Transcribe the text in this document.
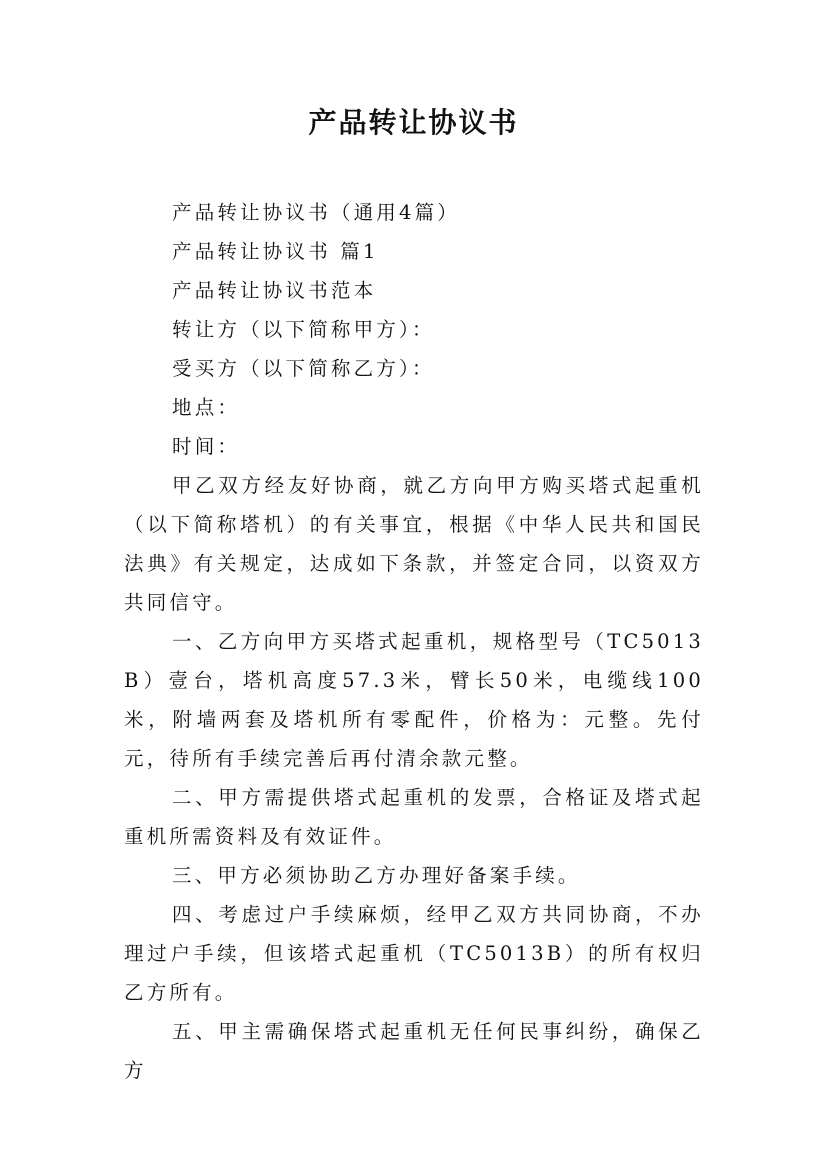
产品转让协议书

产品转让协议书（通用4篇）

产品转让协议书 篇1

产品转让协议书范本

转让方（以下简称甲方）：

受买方（以下简称乙方）：

地点：

时间：

甲乙双方经友好协商，就乙方向甲方购买塔式起重机（以下简称塔机）的有关事宜，根据《中华人民共和国民法典》有关规定，达成如下条款，并签定合同，以资双方共同信守。

一、乙方向甲方买塔式起重机，规格型号（TC5013B）壹台，塔机高度57.3米，臂长50米，电缆线100米，附墙两套及塔机所有零配件，价格为：元整。先付元，待所有手续完善后再付清余款元整。

二、甲方需提供塔式起重机的发票，合格证及塔式起重机所需资料及有效证件。

三、甲方必须协助乙方办理好备案手续。

四、考虑过户手续麻烦，经甲乙双方共同协商，不办理过户手续，但该塔式起重机（TC5013B）的所有权归乙方所有。

五、甲主需确保塔式起重机无任何民事纠纷，确保乙方
